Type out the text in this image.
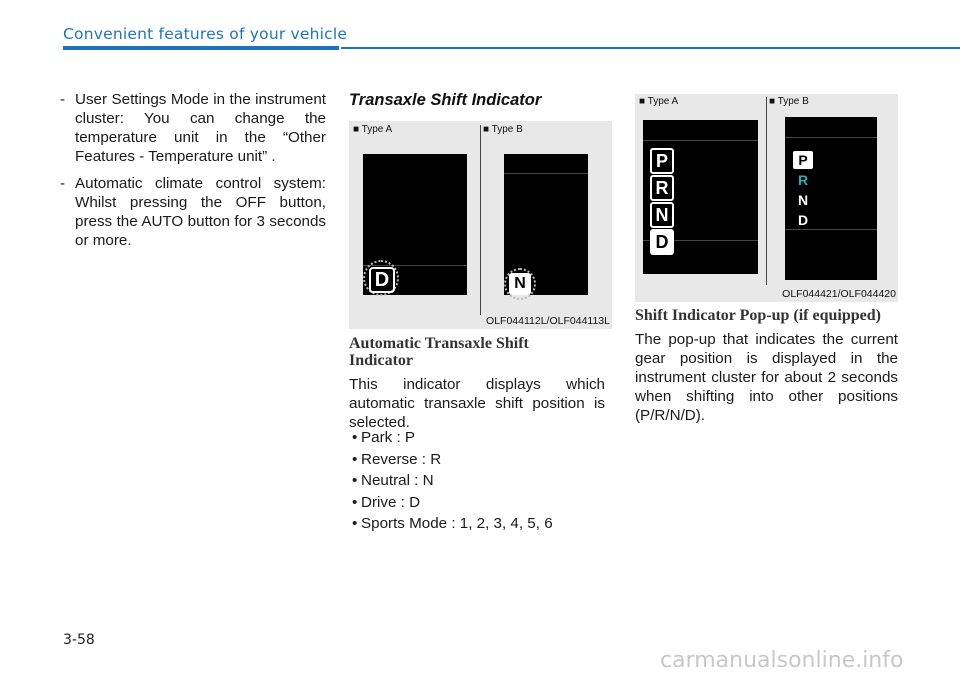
Convenient features of your vehicle
- User Settings Mode in the instrument cluster: You can change the temperature unit in the “Other Features - Temperature unit” .
- Automatic climate control system: Whilst pressing the OFF button, press the AUTO button for 3 seconds or more.
Transaxle Shift Indicator
■ Type A	■ Type B
D	N
OLF044112L/OLF044113L
Automatic Transaxle Shift
Indicator
This indicator displays which automatic transaxle shift position is selected.
• Park : P
• Reverse : R
• Neutral : N
• Drive : D
• Sports Mode : 1, 2, 3, 4, 5, 6
■ Type A	■ Type B
OLF044421/OLF044420
P
R
N
D
P
R
N
D
Shift Indicator Pop-up (if equipped)
The pop-up that indicates the current gear position is displayed in the instrument cluster for about 2 seconds when shifting into other positions (P/R/N/D).
3-58
carmanualsonline.info
